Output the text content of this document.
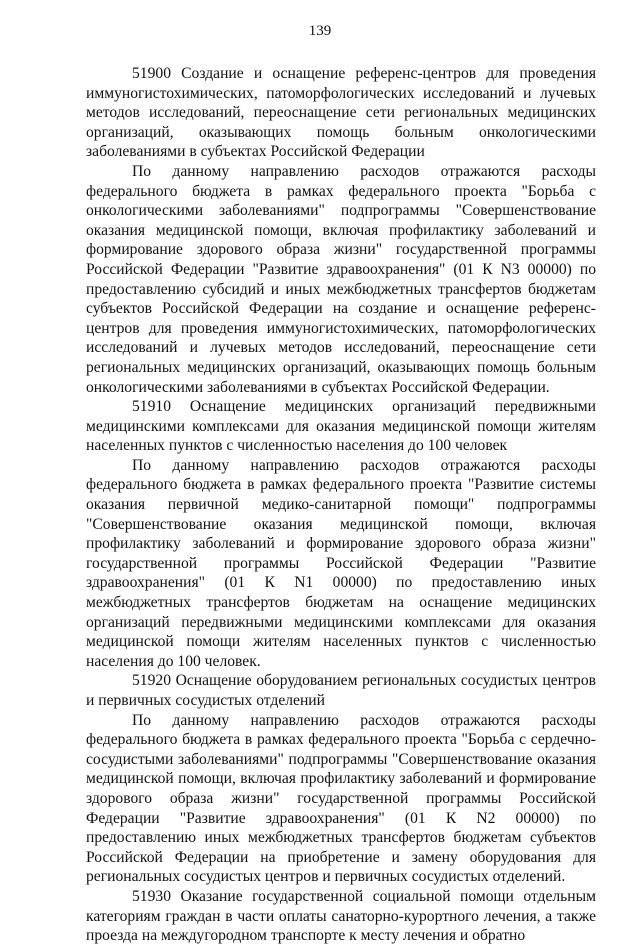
139

51900 Создание и оснащение референс-центров для проведения иммуногистохимических, патоморфологических исследований и лучевых методов исследований, переоснащение сети региональных медицинских организаций, оказывающих помощь больным онкологическими заболеваниями в субъектах Российской Федерации

По данному направлению расходов отражаются расходы федерального бюджета в рамках федерального проекта "Борьба с онкологическими заболеваниями" подпрограммы "Совершенствование оказания медицинской помощи, включая профилактику заболеваний и формирование здорового образа жизни" государственной программы Российской Федерации "Развитие здравоохранения" (01 К N3 00000) по предоставлению субсидий и иных межбюджетных трансфертов бюджетам субъектов Российской Федерации на создание и оснащение референс-центров для проведения иммуногистохимических, патоморфологических исследований и лучевых методов исследований, переоснащение сети региональных медицинских организаций, оказывающих помощь больным онкологическими заболеваниями в субъектах Российской Федерации.

51910 Оснащение медицинских организаций передвижными медицинскими комплексами для оказания медицинской помощи жителям населенных пунктов с численностью населения до 100 человек

По данному направлению расходов отражаются расходы федерального бюджета в рамках федерального проекта "Развитие системы оказания первичной медико-санитарной помощи" подпрограммы "Совершенствование оказания медицинской помощи, включая профилактику заболеваний и формирование здорового образа жизни" государственной программы Российской Федерации "Развитие здравоохранения" (01 К N1 00000) по предоставлению иных межбюджетных трансфертов бюджетам на оснащение медицинских организаций передвижными медицинскими комплексами для оказания медицинской помощи жителям населенных пунктов с численностью населения до 100 человек.

51920 Оснащение оборудованием региональных сосудистых центров и первичных сосудистых отделений

По данному направлению расходов отражаются расходы федерального бюджета в рамках федерального проекта "Борьба с сердечно-сосудистыми заболеваниями" подпрограммы "Совершенствование оказания медицинской помощи, включая профилактику заболеваний и формирование здорового образа жизни" государственной программы Российской Федерации "Развитие здравоохранения" (01 К N2 00000) по предоставлению иных межбюджетных трансфертов бюджетам субъектов Российской Федерации на приобретение и замену оборудования для региональных сосудистых центров и первичных сосудистых отделений.

51930 Оказание государственной социальной помощи отдельным категориям граждан в части оплаты санаторно-курортного лечения, а также проезда на междугородном транспорте к месту лечения и обратно
